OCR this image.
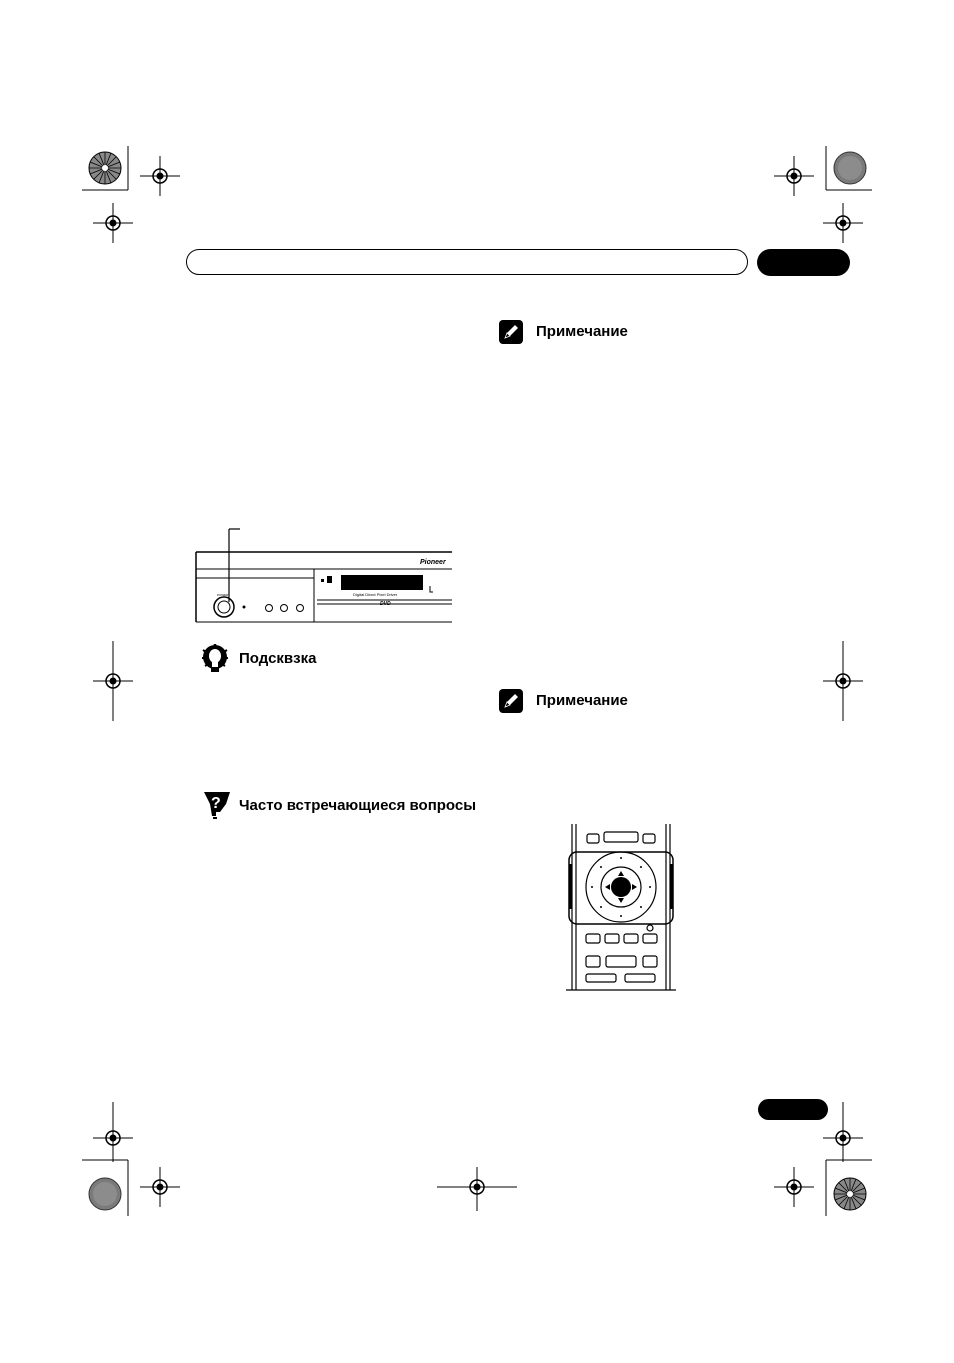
Pioneer
Digital Direct Pixel Driver
DVD
POWER
Примечание
Подсквзка
? Часто встречающиеся вопросы
Примечание
